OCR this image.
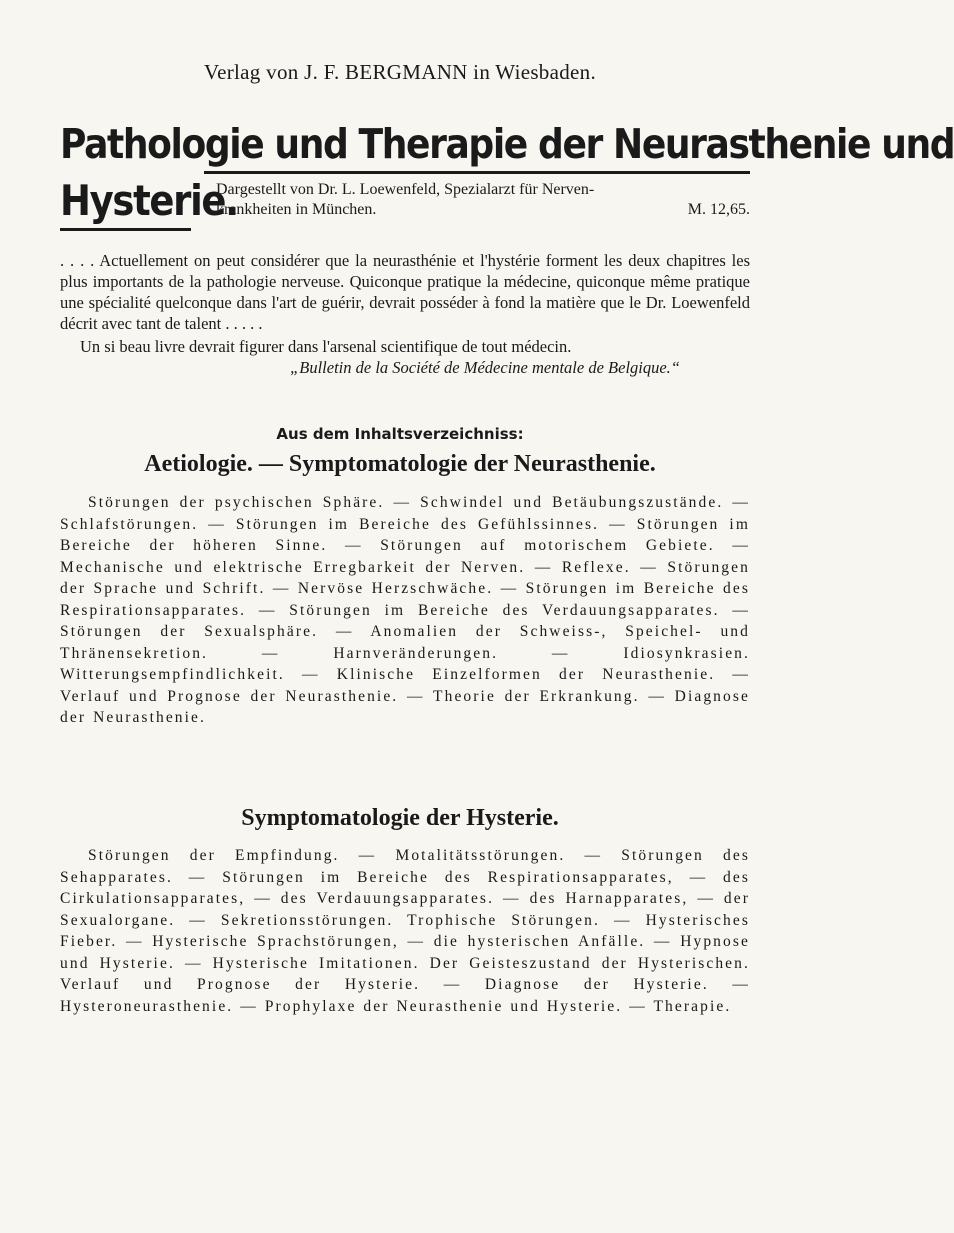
Verlag von J. F. BERGMANN in Wiesbaden.
Pathologie und Therapie der Neurasthenie und
Hysterie.
Dargestellt von Dr. L. Loewenfeld, Spezialarzt für Nerven-
krankheiten in München.	M. 12,65.

. . . . Actuellement on peut considérer que la neurasthénie et l'hystérie forment les deux chapitres les plus importants de la pathologie nerveuse. Quiconque pratique la médecine, quiconque même pratique une spécialité quelconque dans l'art de guérir, devrait posséder à fond la matière que le Dr. Loewenfeld décrit avec tant de talent . . . . .

Un si beau livre devrait figurer dans l'arsenal scientifique de tout médecin.

„Bulletin de la Société de Médecine mentale de Belgique.“

Aus dem Inhaltsverzeichniss:
Aetiologie. — Symptomatologie der Neurasthenie.
Störungen der psychischen Sphäre. — Schwindel und Betäubungszustände. — Schlafstörungen. — Störungen im Bereiche des Gefühlssinnes. — Störungen im Bereiche der höheren Sinne. — Störungen auf motorischem Gebiete. — Mechanische und elektrische Erregbarkeit der Nerven. — Reflexe. — Störungen der Sprache und Schrift. — Nervöse Herzschwäche. — Störungen im Bereiche des Respirationsapparates. — Störungen im Bereiche des Verdauungsapparates. — Störungen der Sexualsphäre. — Anomalien der Schweiss-, Speichel- und Thränensekretion. — Harnveränderungen. — Idiosynkrasien. Witterungsempfindlichkeit. — Klinische Einzelformen der Neurasthenie. — Verlauf und Prognose der Neurasthenie. — Theorie der Erkrankung. — Diagnose der Neurasthenie.
Symptomatologie der Hysterie.
Störungen der Empfindung. — Motalitätsstörungen. — Störungen des Sehapparates. — Störungen im Bereiche des Respirationsapparates, — des Cirkulationsapparates, — des Verdauungsapparates. — des Harnapparates, — der Sexualorgane. — Sekretionsstörungen. Trophische Störungen. — Hysterisches Fieber. — Hysterische Sprachstörungen, — die hysterischen Anfälle. — Hypnose und Hysterie. — Hysterische Imitationen. Der Geisteszustand der Hysterischen. Verlauf und Prognose der Hysterie. — Diagnose der Hysterie. — Hysteroneurasthenie. — Prophylaxe der Neurasthenie und Hysterie. — Therapie.
